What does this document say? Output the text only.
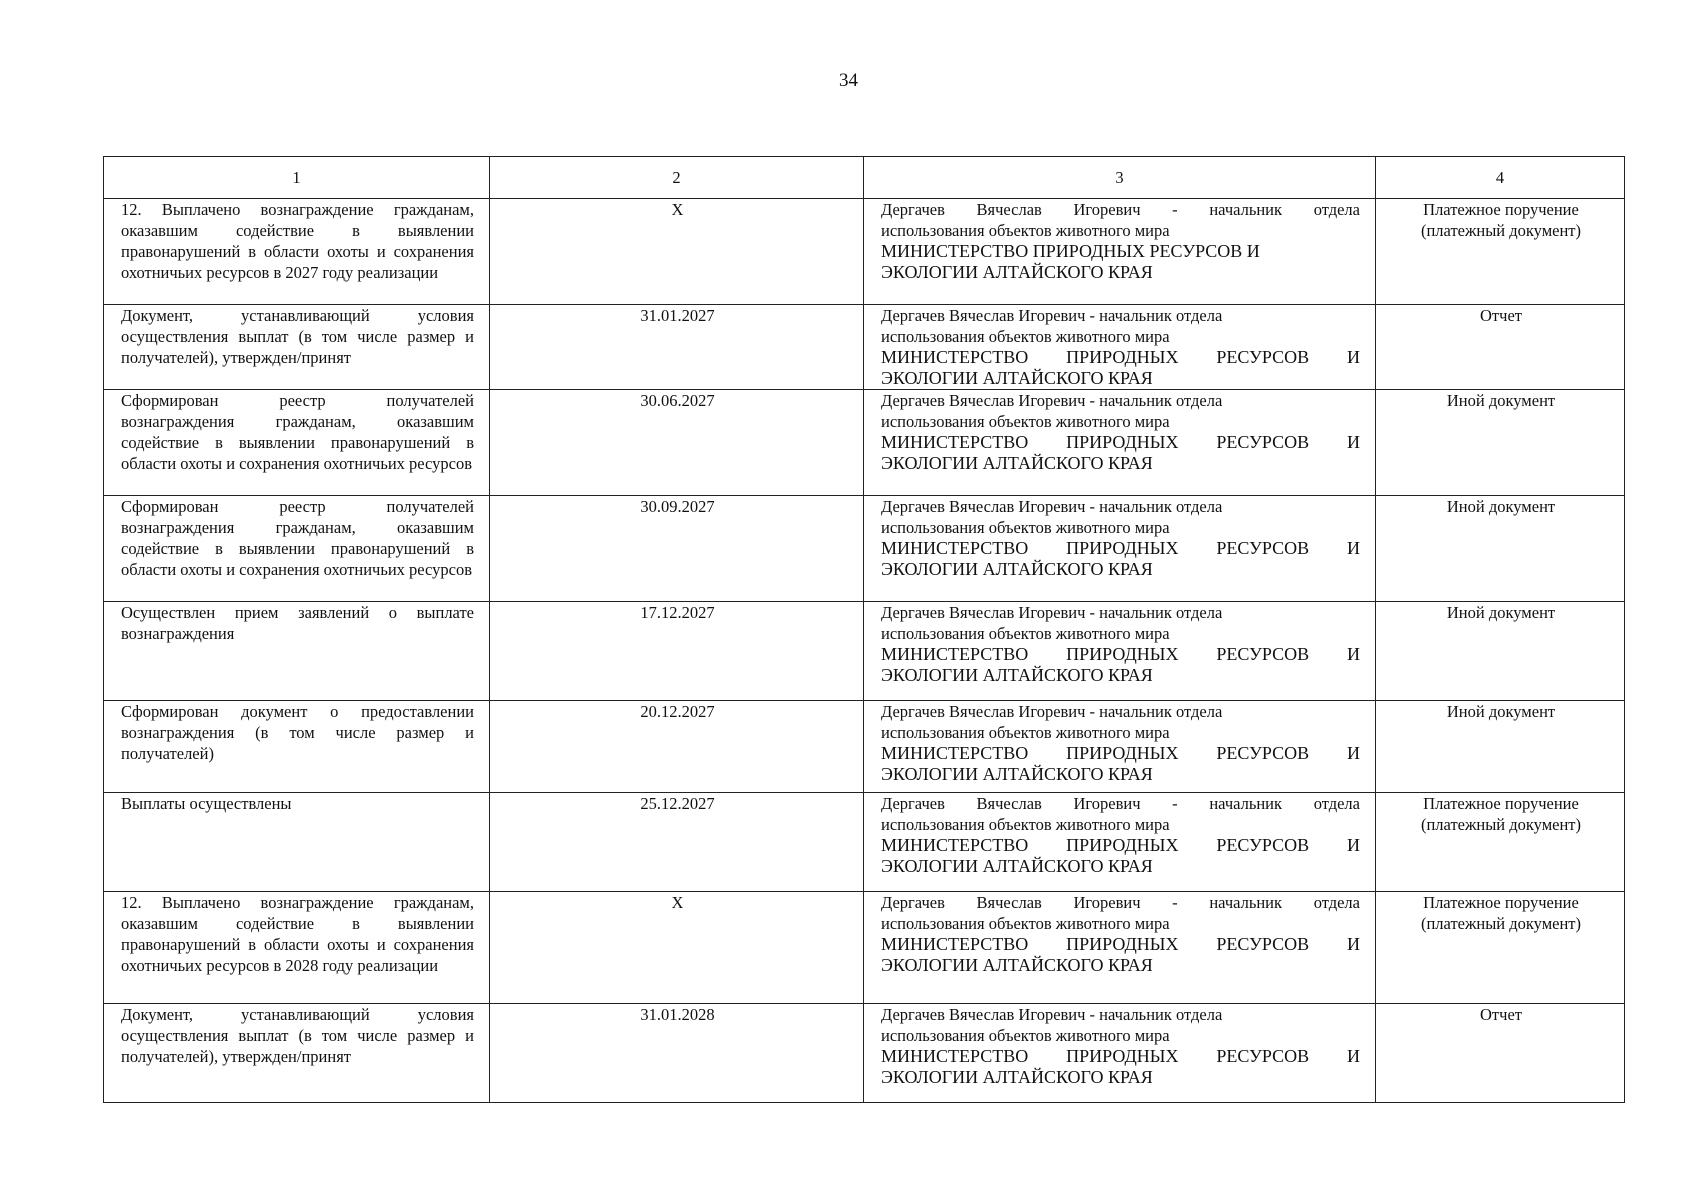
34
1	2	3	4
12. Выплачено вознаграждение гражданам, оказавшим содействие в выявлении правонарушений в области охоты и сохранения охотничьих ресурсов в 2027 году реализации	X	Дергачев Вячеслав Игоревич - начальник отдела
использования объектов животного мира
МИНИСТЕРСТВО ПРИРОДНЫХ РЕСУРСОВ И
ЭКОЛОГИИ АЛТАЙСКОГО КРАЯ	Платежное поручение (платежный документ)
Документ, устанавливающий условия осуществления выплат (в том числе размер и получателей), утвержден/принят	31.01.2027	Дергачев Вячеслав Игоревич - начальник отдела
использования объектов животного мира
МИНИСТЕРСТВО ПРИРОДНЫХ РЕСУРСОВ И
ЭКОЛОГИИ АЛТАЙСКОГО КРАЯ	Отчет
Сформирован реестр получателей вознаграждения гражданам, оказавшим содействие в выявлении правонарушений в области охоты и сохранения охотничьих ресурсов	30.06.2027	Дергачев Вячеслав Игоревич - начальник отдела
использования объектов животного мира
МИНИСТЕРСТВО ПРИРОДНЫХ РЕСУРСОВ И
ЭКОЛОГИИ АЛТАЙСКОГО КРАЯ	Иной документ
Сформирован реестр получателей вознаграждения гражданам, оказавшим содействие в выявлении правонарушений в области охоты и сохранения охотничьих ресурсов	30.09.2027	Дергачев Вячеслав Игоревич - начальник отдела
использования объектов животного мира
МИНИСТЕРСТВО ПРИРОДНЫХ РЕСУРСОВ И
ЭКОЛОГИИ АЛТАЙСКОГО КРАЯ	Иной документ
Осуществлен прием заявлений о выплате вознаграждения	17.12.2027	Дергачев Вячеслав Игоревич - начальник отдела
использования объектов животного мира
МИНИСТЕРСТВО ПРИРОДНЫХ РЕСУРСОВ И
ЭКОЛОГИИ АЛТАЙСКОГО КРАЯ	Иной документ
Сформирован документ о предоставлении вознаграждения (в том числе размер и получателей)	20.12.2027	Дергачев Вячеслав Игоревич - начальник отдела
использования объектов животного мира
МИНИСТЕРСТВО ПРИРОДНЫХ РЕСУРСОВ И
ЭКОЛОГИИ АЛТАЙСКОГО КРАЯ	Иной документ
Выплаты осуществлены	25.12.2027	Дергачев Вячеслав Игоревич - начальник отдела
использования объектов животного мира
МИНИСТЕРСТВО ПРИРОДНЫХ РЕСУРСОВ И
ЭКОЛОГИИ АЛТАЙСКОГО КРАЯ	Платежное поручение (платежный документ)
12. Выплачено вознаграждение гражданам, оказавшим содействие в выявлении правонарушений в области охоты и сохранения охотничьих ресурсов в 2028 году реализации	X	Дергачев Вячеслав Игоревич - начальник отдела
использования объектов животного мира
МИНИСТЕРСТВО ПРИРОДНЫХ РЕСУРСОВ И
ЭКОЛОГИИ АЛТАЙСКОГО КРАЯ	Платежное поручение (платежный документ)
Документ, устанавливающий условия осуществления выплат (в том числе размер и получателей), утвержден/принят	31.01.2028	Дергачев Вячеслав Игоревич - начальник отдела
использования объектов животного мира
МИНИСТЕРСТВО ПРИРОДНЫХ РЕСУРСОВ И
ЭКОЛОГИИ АЛТАЙСКОГО КРАЯ	Отчет
